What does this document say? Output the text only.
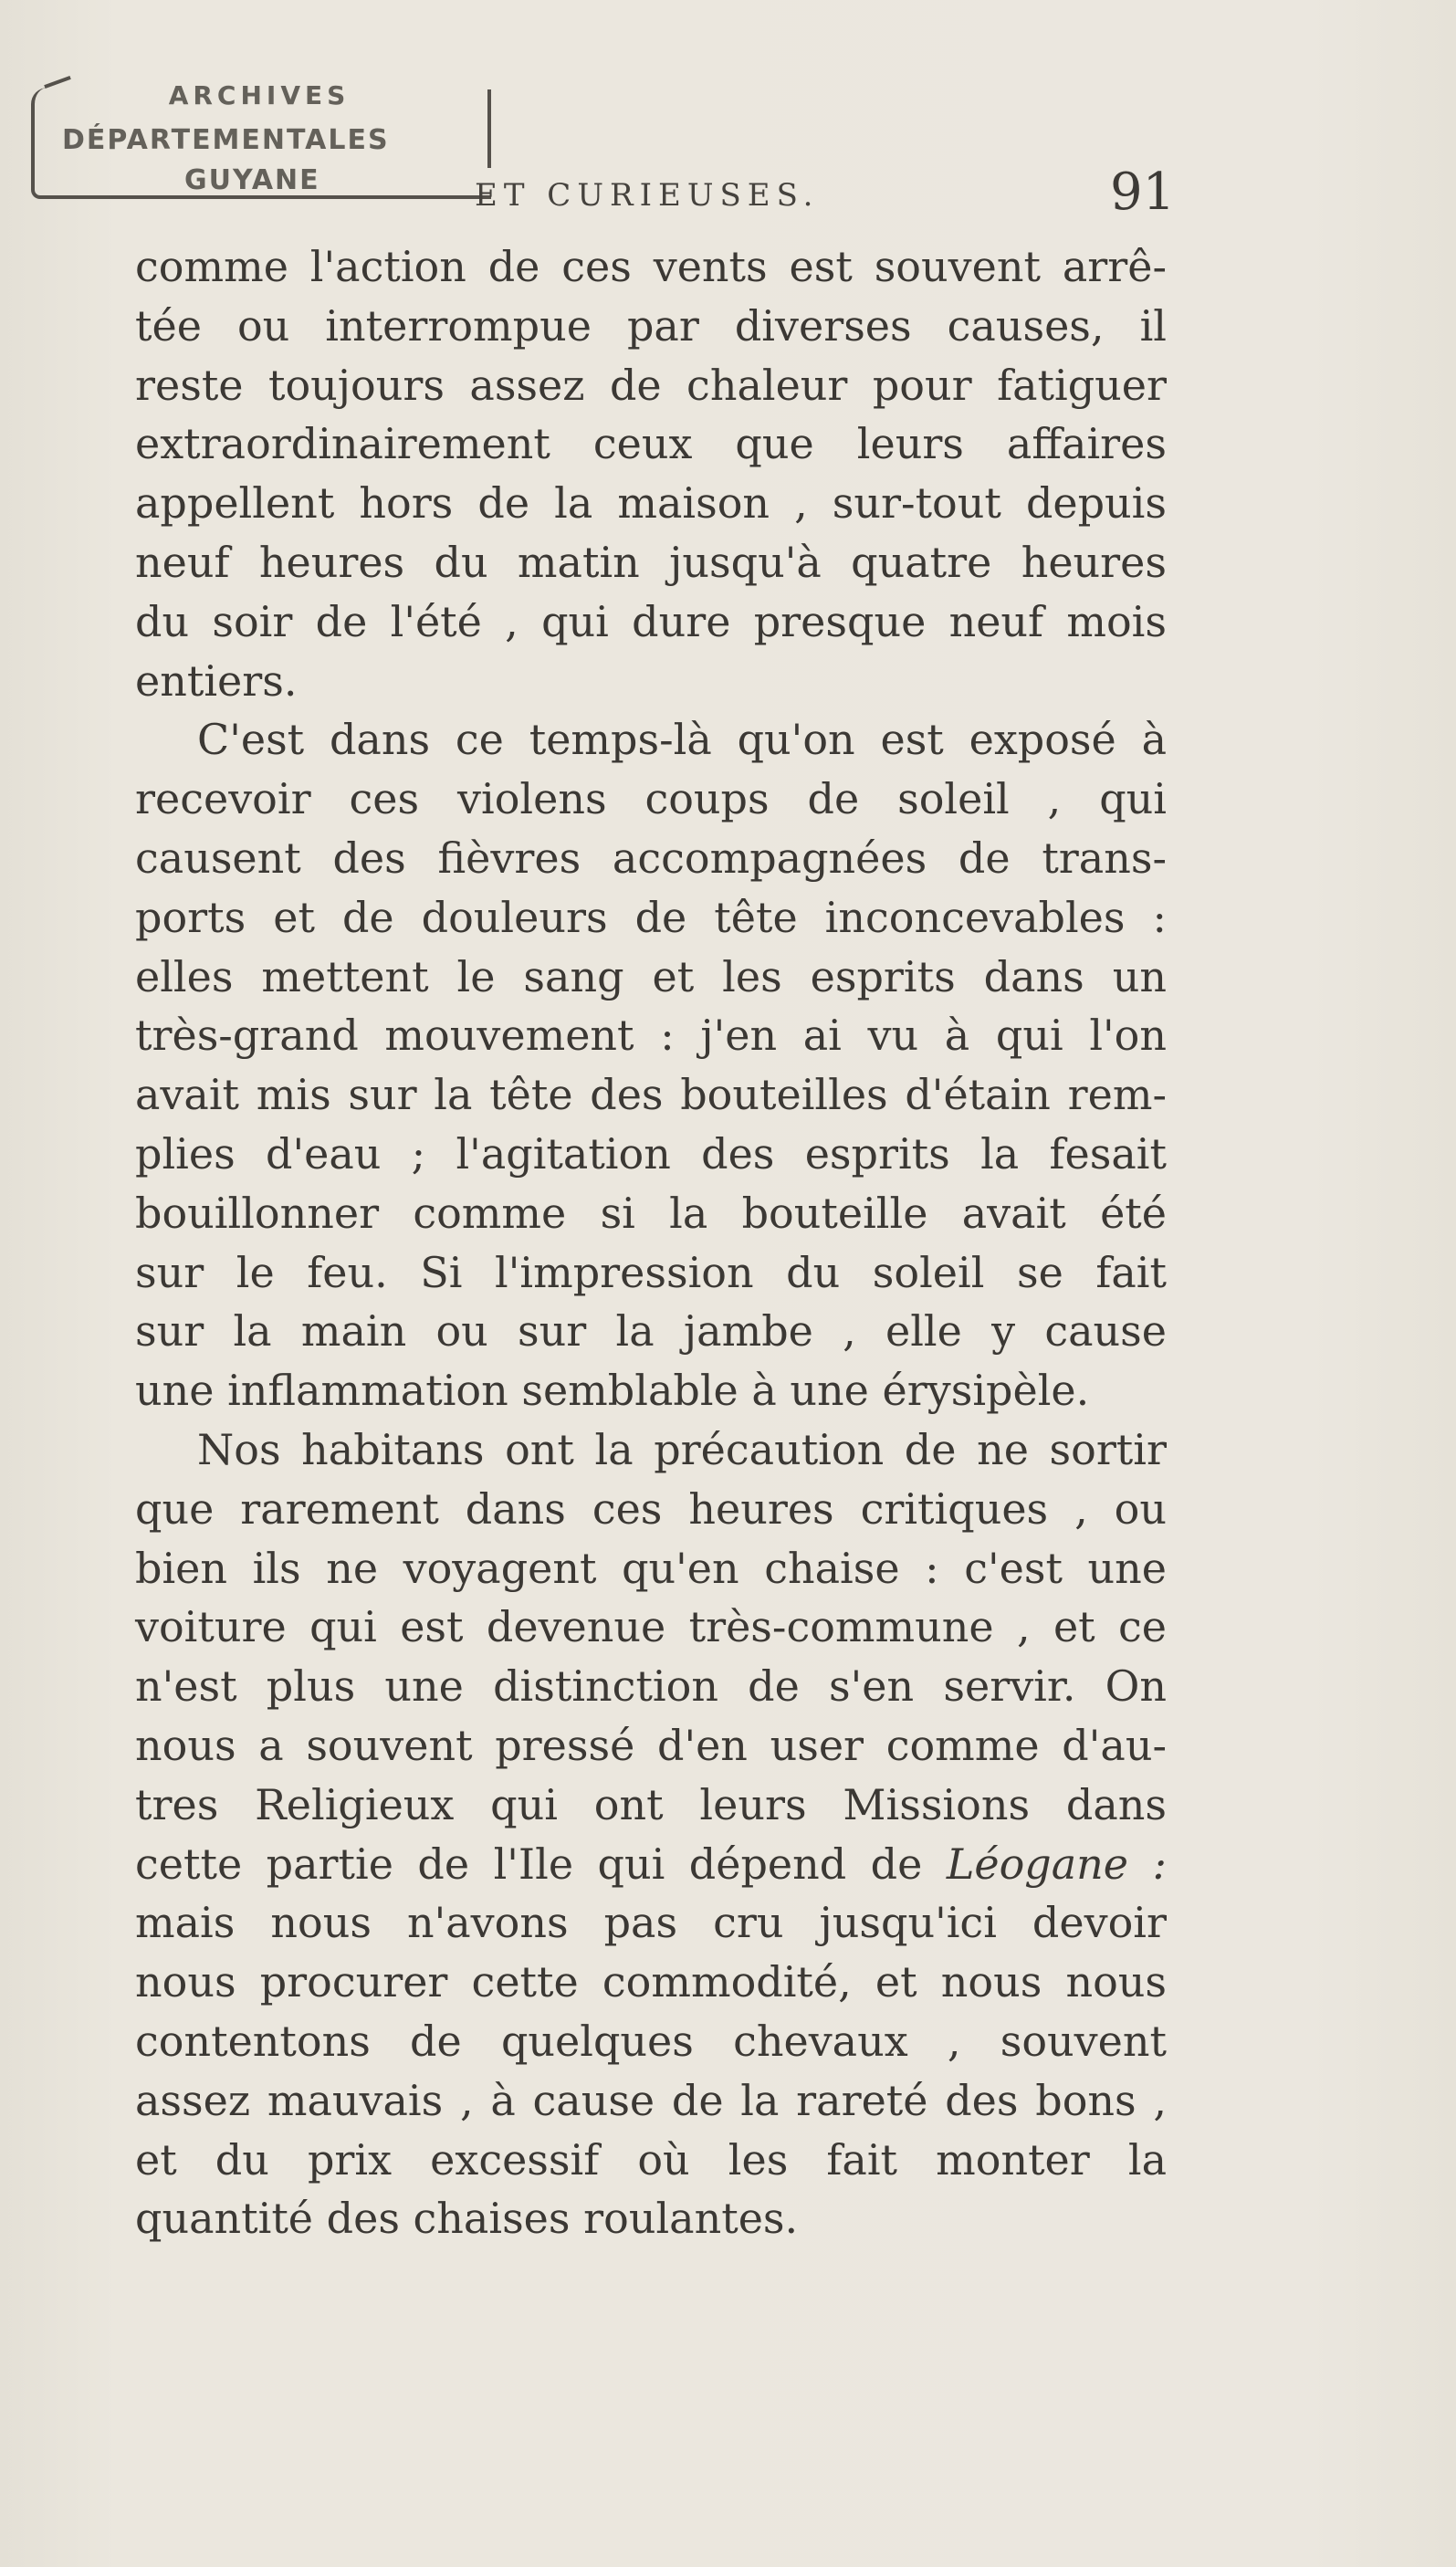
ARCHIVES
DÉPARTEMENTALES
GUYANE	ET CURIEUSES.	91
comme l'action de ces vents est souvent arrê-
tée ou interrompue par diverses causes, il
reste toujours assez de chaleur pour fatiguer
extraordinairement ceux que leurs affaires
appellent hors de la maison , sur-tout depuis
neuf heures du matin jusqu'à quatre heures
du soir de l'été , qui dure presque neuf mois
entiers.
C'est dans ce temps-là qu'on est exposé à
recevoir ces violens coups de soleil , qui
causent des fièvres accompagnées de trans-
ports et de douleurs de tête inconcevables :
elles mettent le sang et les esprits dans un
très-grand mouvement : j'en ai vu à qui l'on
avait mis sur la tête des bouteilles d'étain rem-
plies d'eau ; l'agitation des esprits la fesait
bouillonner comme si la bouteille avait été
sur le feu. Si l'impression du soleil se fait
sur la main ou sur la jambe , elle y cause
une inflammation semblable à une érysipèle.
Nos habitans ont la précaution de ne sortir
que rarement dans ces heures critiques , ou
bien ils ne voyagent qu'en chaise : c'est une
voiture qui est devenue très-commune , et ce
n'est plus une distinction de s'en servir. On
nous a souvent pressé d'en user comme d'au-
tres Religieux qui ont leurs Missions dans
cette partie de l'Ile qui dépend de Léogane :
mais nous n'avons pas cru jusqu'ici devoir
nous procurer cette commodité, et nous nous
contentons de quelques chevaux , souvent
assez mauvais , à cause de la rareté des bons ,
et du prix excessif où les fait monter la
quantité des chaises roulantes.
